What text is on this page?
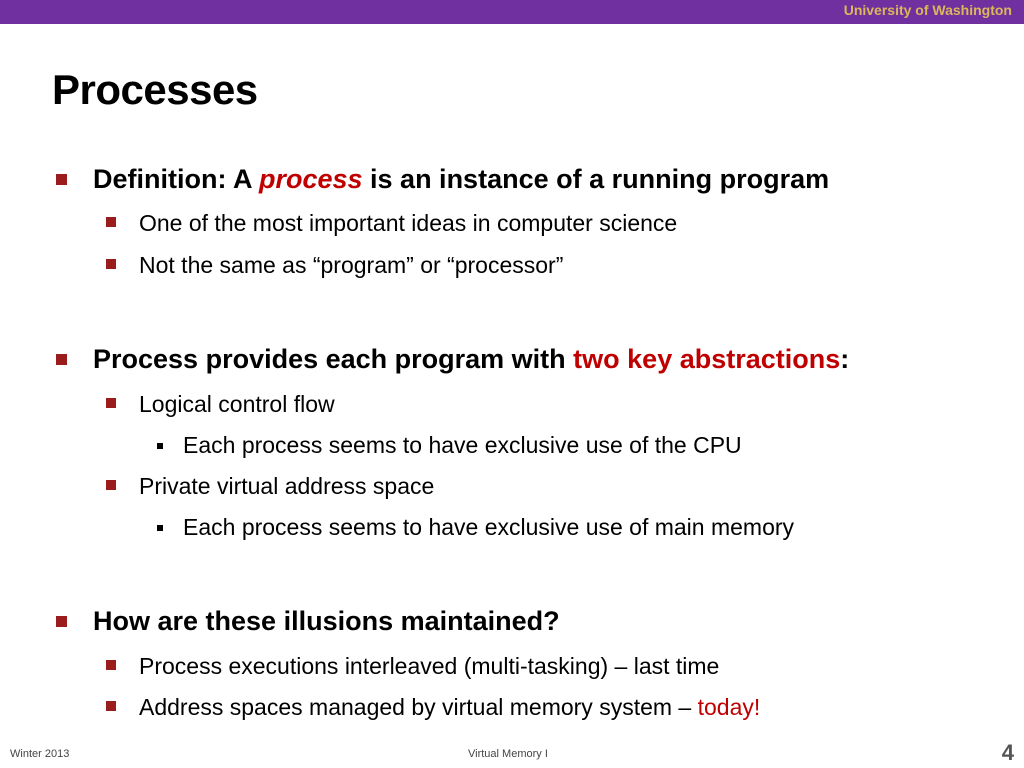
University of Washington
Processes
Definition: A process is an instance of a running program
One of the most important ideas in computer science
Not the same as “program” or “processor”
Process provides each program with two key abstractions:
Logical control flow
Each process seems to have exclusive use of the CPU
Private virtual address space
Each process seems to have exclusive use of main memory
How are these illusions maintained?
Process executions interleaved (multi-tasking) – last time
Address spaces managed by virtual memory system – today!
Winter 2013	Virtual Memory I	4
